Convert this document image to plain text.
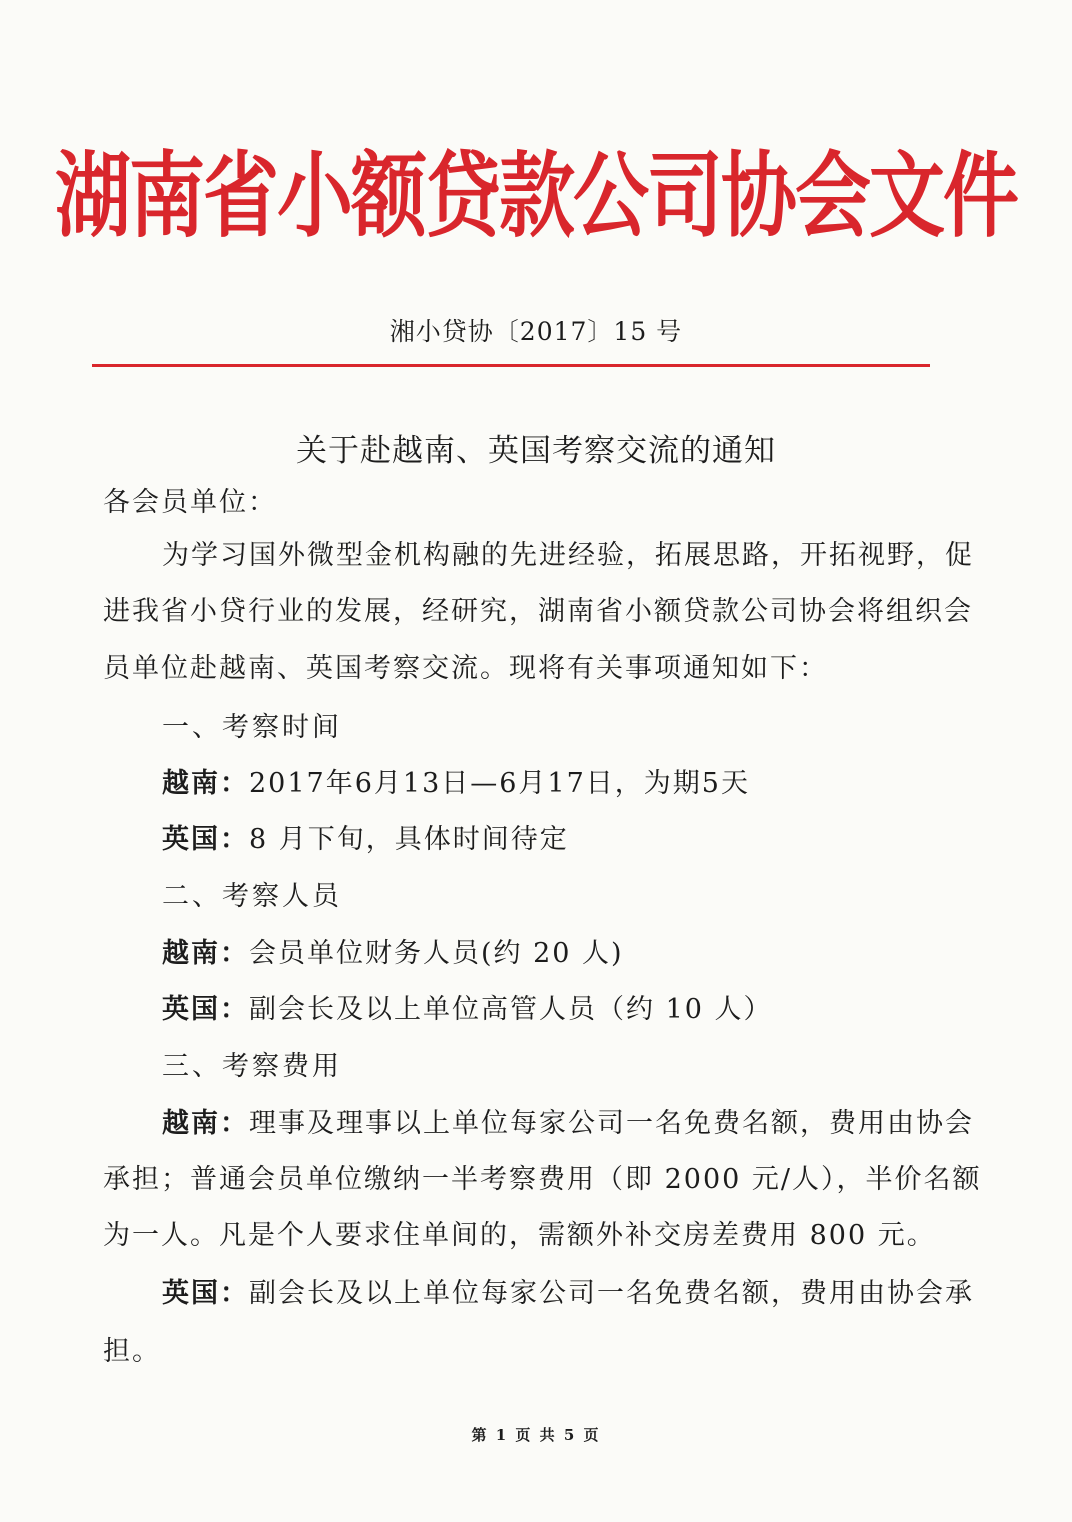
湖南省小额贷款公司协会文件
湘小贷协〔2017〕15 号
关于赴越南、英国考察交流的通知
各会员单位：
为学习国外微型金机构融的先进经验，拓展思路，开拓视野，促
进我省小贷行业的发展，经研究，湖南省小额贷款公司协会将组织会
员单位赴越南、英国考察交流。现将有关事项通知如下：
一、考察时间
越南：2017年6月13日—6月17日，为期5天
英国：8 月下旬，具体时间待定
二、考察人员
越南：会员单位财务人员(约 20 人)
英国：副会长及以上单位高管人员（约 10 人）
三、考察费用
越南：理事及理事以上单位每家公司一名免费名额，费用由协会
承担；普通会员单位缴纳一半考察费用（即 2000 元/人），半价名额
为一人。凡是个人要求住单间的，需额外补交房差费用 800 元。
英国：副会长及以上单位每家公司一名免费名额，费用由协会承
担。
第 1 页 共 5 页
